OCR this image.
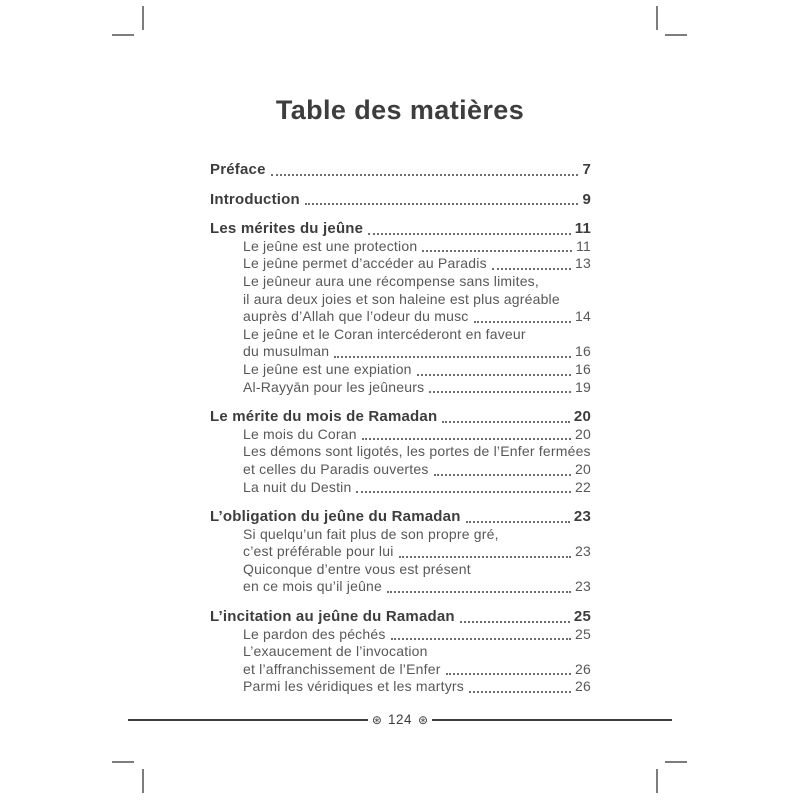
Table des matières
Préface	7
Introduction	9
Les mérites du jeûne	11
Le jeûne est une protection	11
Le jeûne permet d’accéder au Paradis	13
Le jeûneur aura une récompense sans limites,
il aura deux joies et son haleine est plus agréable
auprès d’Allah que l’odeur du musc	14
Le jeûne et le Coran intercéderont en faveur
du musulman	16
Le jeûne est une expiation	16
Al-Rayyān pour les jeûneurs	19
Le mérite du mois de Ramadan	20
Le mois du Coran	20
Les démons sont ligotés, les portes de l’Enfer fermées
et celles du Paradis ouvertes	20
La nuit du Destin	22
L’obligation du jeûne du Ramadan	23
Si quelqu’un fait plus de son propre gré,
c’est préférable pour lui	23
Quiconque d’entre vous est présent
en ce mois qu’il jeûne	23
L’incitation au jeûne du Ramadan	25
Le pardon des péchés	25
L’exaucement de l’invocation
et l’affranchissement de l’Enfer	26
Parmi les véridiques et les martyrs	26
⊛ 124 ⊛
